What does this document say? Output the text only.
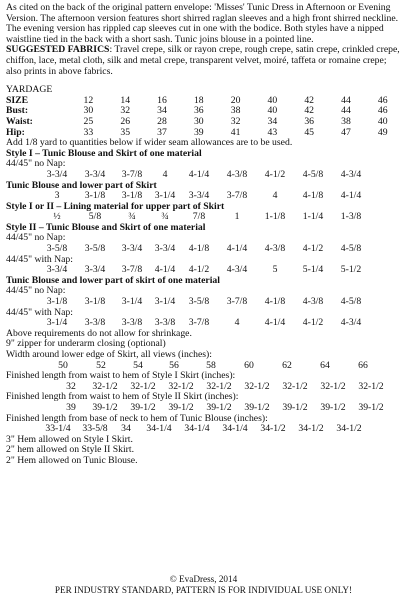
As cited on the back of the original pattern envelope: 'Misses' Tunic Dress in Afternoon or Evening Version. The afternoon version features short shirred raglan sleeves and a high front shirred neckline. The evening version has rippled cap sleeves cut in one with the bodice. Both styles have a nipped waistline tied in the back with a short sash. Tunic joins blouse in a pointed line.

SUGGESTED FABRICS: Travel crepe, silk or rayon crepe, rough crepe, satin crepe, crinkled crepe, chiffon, lace, metal cloth, silk and metal crepe, transparent velvet, moiré, taffeta or romaine crepe; also prints in above fabrics.

YARDAGE

SIZE	12	14	16	18	20	40	42	44	46
Bust:	30	32	34	36	38	40	42	44	46
Waist:	25	26	28	30	32	34	36	38	40
Hip:	33	35	37	39	41	43	45	47	49

Add 1/8 yard to quantities below if wider seam allowances are to be used.

Style I – Tunic Blouse and Skirt of one material

44/45" no Nap:

3-3/4	3-3/4	3-7/8	4	4-1/4	4-3/8	4-1/2	4-5/8	4-3/4

Tunic Blouse and lower part of Skirt

3	3-1/8	3-1/8	3-1/4	3-3/4	3-7/8	4	4-1/8	4-1/4

Style I or II – Lining material for upper part of Skirt

½	5/8	¾	¾	7/8	1	1-1/8	1-1/4	1-3/8

Style II – Tunic Blouse and Skirt of one material

44/45" no Nap:

3-5/8	3-5/8	3-3/4	3-3/4	4-1/8	4-1/4	4-3/8	4-1/2	4-5/8

44/45" with Nap:

3-3/4	3-3/4	3-7/8	4-1/4	4-1/2	4-3/4	5	5-1/4	5-1/2

Tunic Blouse and lower part of skirt of one material

44/45" no Nap:

3-1/8	3-1/8	3-1/4	3-1/4	3-5/8	3-7/8	4-1/8	4-3/8	4-5/8

44/45" with Nap:

3-1/4	3-3/8	3-3/8	3-3/8	3-7/8	4	4-1/4	4-1/2	4-3/4

Above requirements do not allow for shrinkage.

9" zipper for underarm closing (optional)

Width around lower edge of Skirt, all views (inches):

50	52	54	56	58	60	62	64	66

Finished length from waist to hem of Style I Skirt (inches):

32	32-1/2	32-1/2	32-1/2	32-1/2	32-1/2	32-1/2	32-1/2	32-1/2

Finished length from waist to hem of Style II Skirt (inches):

39	39-1/2	39-1/2	39-1/2	39-1/2	39-1/2	39-1/2	39-1/2	39-1/2

Finished length from base of neck to hem of Tunic Blouse (inches):

33-1/4	33-5/8	34	34-1/4	34-1/4	34-1/4	34-1/2	34-1/2	34-1/2

3" Hem allowed on Style I Skirt.

2" hem allowed on Style II Skirt.

2" Hem allowed on Tunic Blouse.

© EvaDress, 2014
PER INDUSTRY STANDARD, PATTERN IS FOR INDIVIDUAL USE ONLY!
